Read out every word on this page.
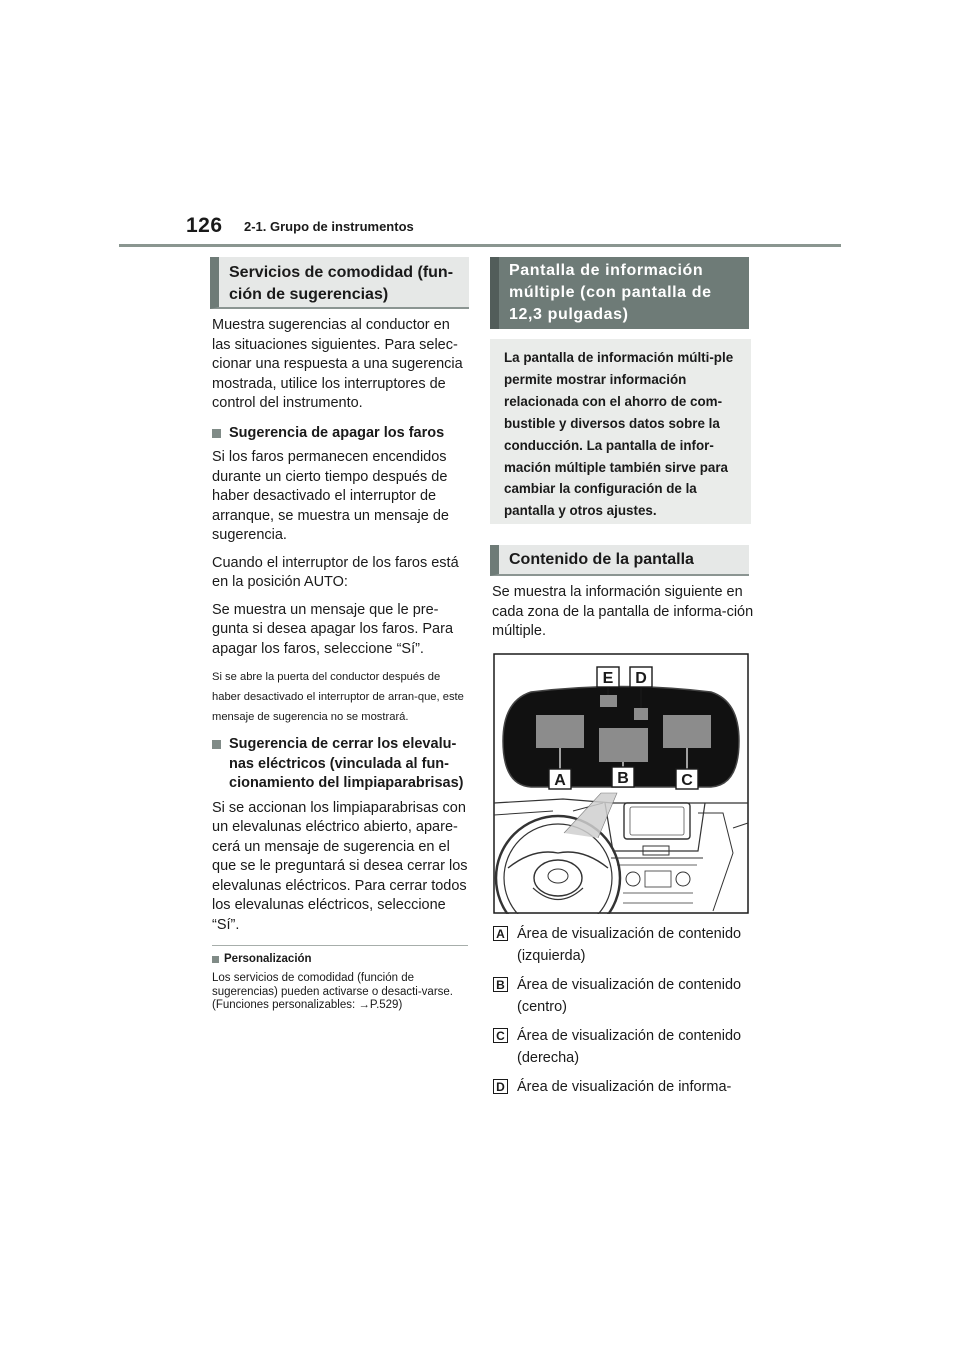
126 2-1. Grupo de instrumentos
Servicios de comodidad (fun-
ción de sugerencias)

Muestra sugerencias al conductor en las situaciones siguientes. Para selec-cionar una respuesta a una sugerencia mostrada, utilice los interruptores de control del instrumento.

Sugerencia de apagar los faros

Si los faros permanecen encendidos durante un cierto tiempo después de haber desactivado el interruptor de arranque, se muestra un mensaje de sugerencia.

Cuando el interruptor de los faros está en la posición AUTO:

Se muestra un mensaje que le pre-gunta si desea apagar los faros. Para apagar los faros, seleccione “Sí”.

Si se abre la puerta del conductor después de haber desactivado el interruptor de arran-que, este mensaje de sugerencia no se mostrará.

Sugerencia de cerrar los elevalu-nas eléctricos (vinculada al fun-cionamiento del limpiaparabrisas)

Si se accionan los limpiaparabrisas con un elevalunas eléctrico abierto, apare-cerá un mensaje de sugerencia en el que se le preguntará si desea cerrar los elevalunas eléctricos. Para cerrar todos los elevalunas eléctricos, seleccione “Sí”.

Personalización
Los servicios de comodidad (función de sugerencias) pueden activarse o desacti-varse. (Funciones personalizables: →P.529)
Pantalla de información
múltiple (con pantalla de
12,3 pulgadas)
La pantalla de información múlti-ple permite mostrar información relacionada con el ahorro de com-bustible y diversos datos sobre la conducción. La pantalla de infor-mación múltiple también sirve para cambiar la configuración de la pantalla y otros ajustes.
Contenido de la pantalla
Se muestra la información siguiente en cada zona de la pantalla de informa-ción múltiple.
A	B	C
D
E
A Área de visualización de contenido (izquierda)
B Área de visualización de contenido (centro)
C Área de visualización de contenido (derecha)
D Área de visualización de informa-
